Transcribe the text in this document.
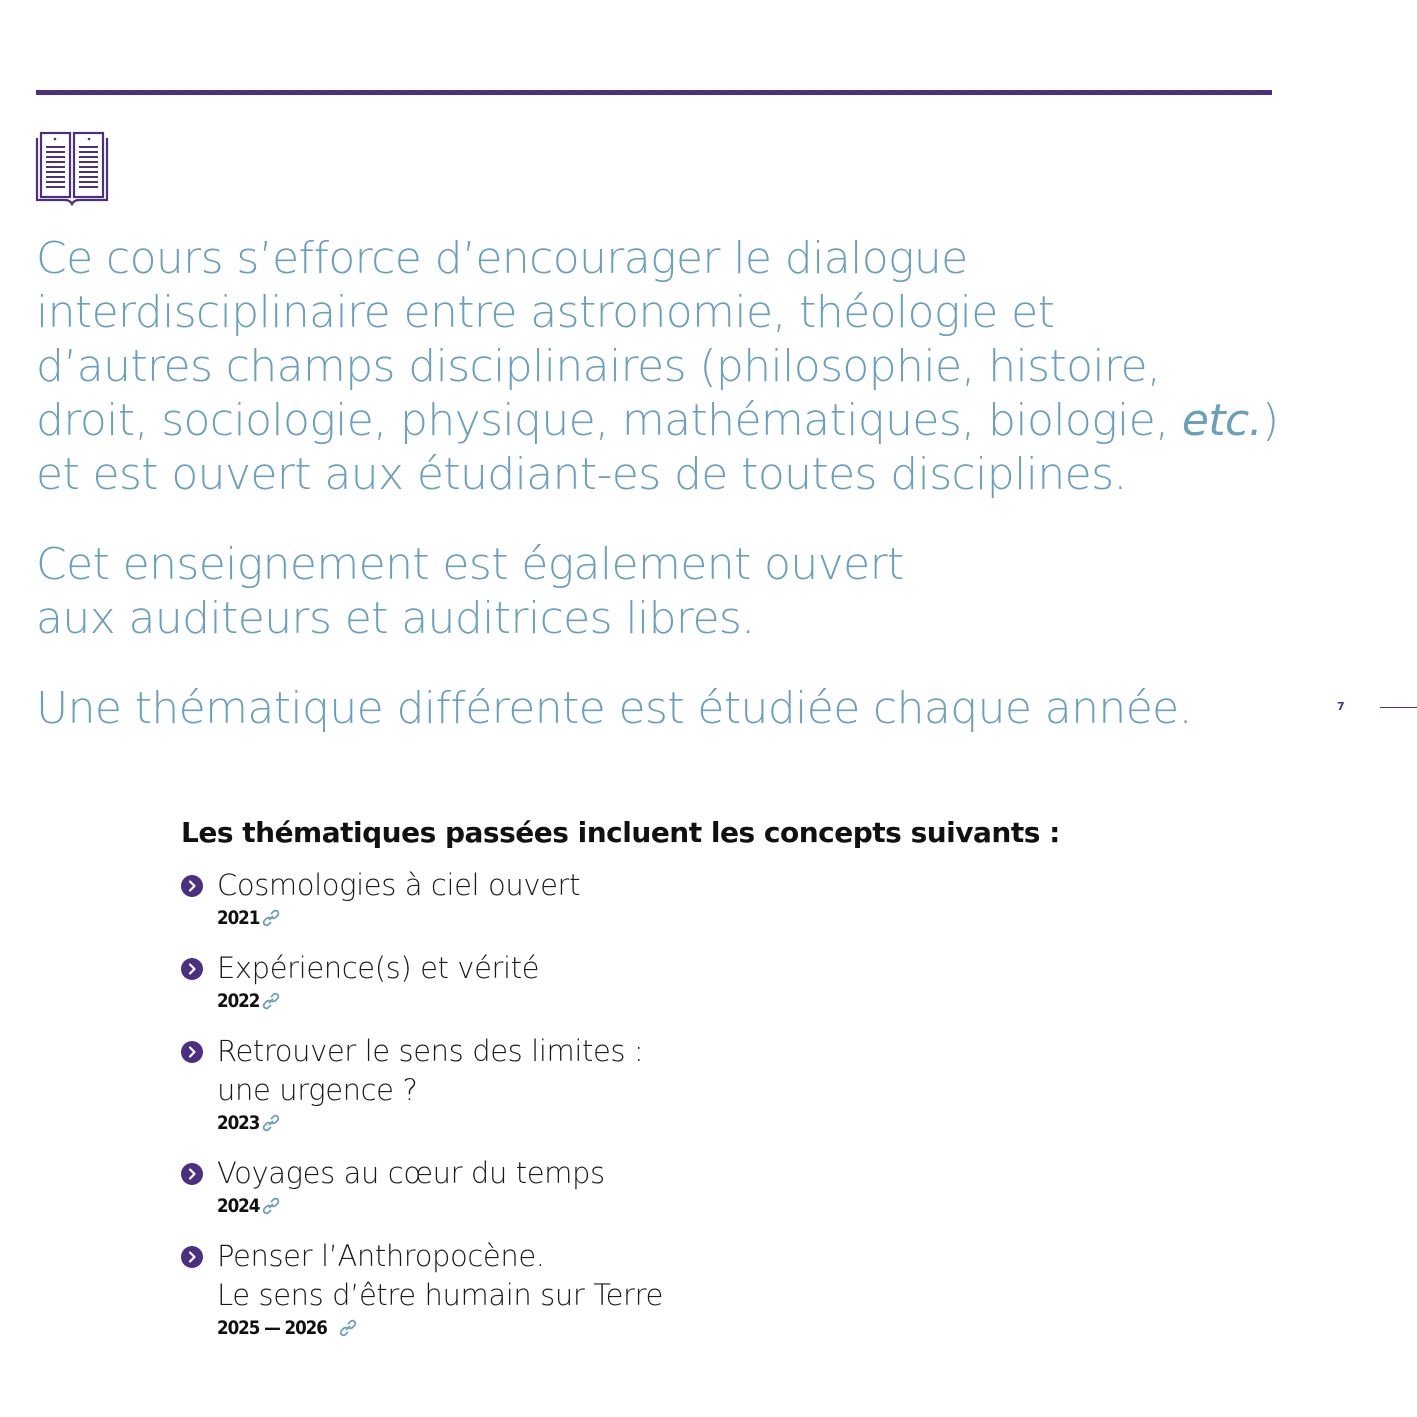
Ce cours s’efforce d’encourager le dialogue
interdisciplinaire entre astronomie, théologie et
d’autres champs disciplinaires (philosophie, histoire,
droit, sociologie, physique, mathématiques, biologie, etc.)
et est ouvert aux étudiant-es de toutes disciplines.

Cet enseignement est également ouvert
aux auditeurs et auditrices libres.

Une thématique différente est étudiée chaque année.	7
Les thématiques passées incluent les concepts suivants :
Cosmologies à ciel ouvert
2021
Expérience(s) et vérité
2022
Retrouver le sens des limites :
une urgence ?
2023
Voyages au cœur du temps
2024
Penser l’Anthropocène.
Le sens d’être humain sur Terre
2025 — 2026
